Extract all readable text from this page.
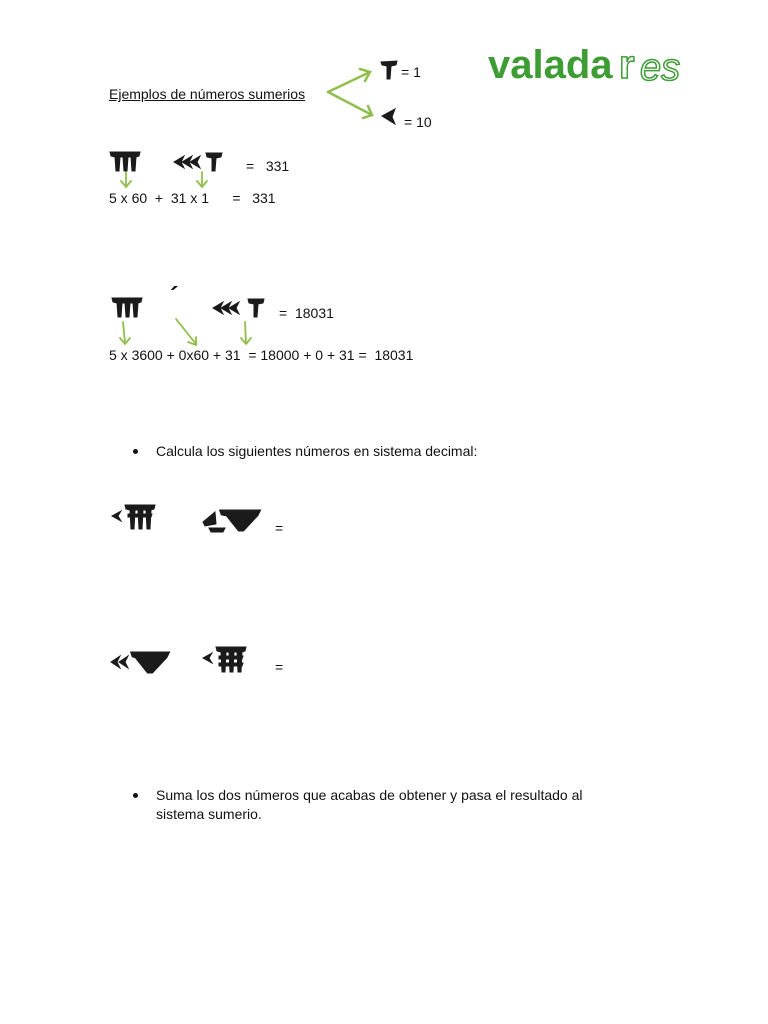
valada r es
Ejemplos de números sumerios
= 1
= 10
=   331
5 x 60  +  31 x 1      =   331
´
=  18031
5 x 3600 + 0x60 + 31  = 18000 + 0 + 31 =  18031
Calcula los siguientes números en sistema decimal:
=
=
Suma los dos números que acabas de obtener y pasa el resultado al
sistema sumerio.
